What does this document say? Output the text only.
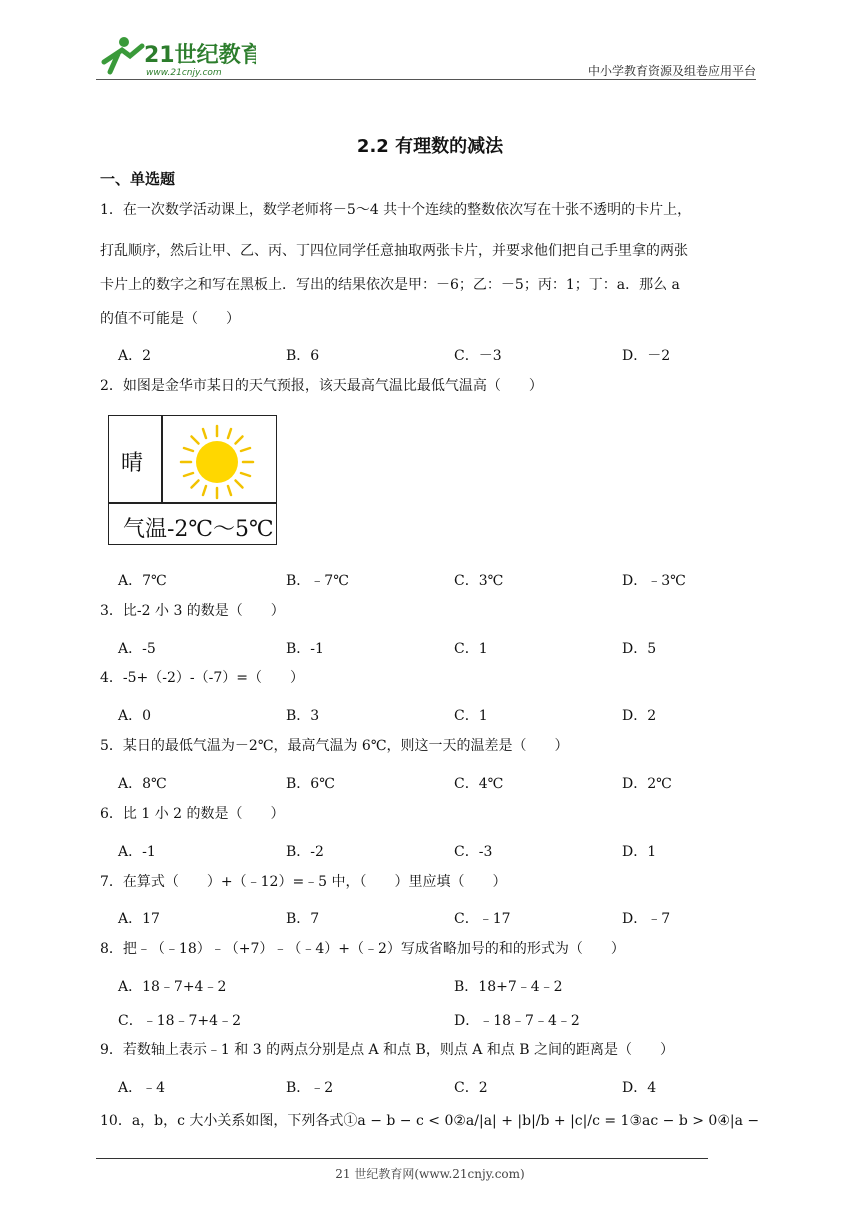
21世纪教育
www.21cnjy.com	中小学教育资源及组卷应用平台
2.2 有理数的减法
一、单选题
1．在一次数学活动课上，数学老师将－5～4 共十个连续的整数依次写在十张不透明的卡片上，
打乱顺序，然后让甲、乙、丙、丁四位同学任意抽取两张卡片，并要求他们把自己手里拿的两张
卡片上的数字之和写在黑板上．写出的结果依次是甲：－6；乙：－5；丙：1；丁：a．那么 a
的值不可能是（　　）
A．2	B．6	C．－3	D．－2
2．如图是金华市某日的天气预报，该天最高气温比最低气温高（　　）
晴
气温-2℃～5℃
A．7℃	B．﹣7℃	C．3℃	D．﹣3℃
3．比-2 小 3 的数是（　　）
A．-5	B．-1	C．1	D．5
4．-5+（-2）-（-7）=（　　）
A．0	B．3	C．1	D．2
5．某日的最低气温为－2℃，最高气温为 6℃，则这一天的温差是（　　）
A．8℃	B．6℃	C．4℃	D．2℃
6．比 1 小 2 的数是（　　）
A．-1	B．-2	C．-3	D．1
7．在算式（　　）+（﹣12）=﹣5 中，（　　）里应填（　　）
A．17	B．7	C．﹣17	D．﹣7
8．把﹣（﹣18）﹣（+7）﹣（﹣4）+（﹣2）写成省略加号的和的形式为（　　）
A．18﹣7+4﹣2	B．18+7﹣4﹣2
C．﹣18﹣7+4﹣2	D．﹣18﹣7﹣4﹣2
9．若数轴上表示﹣1 和 3 的两点分别是点 A 和点 B，则点 A 和点 B 之间的距离是（　　）
A．﹣4	B．﹣2	C．2	D．4
10．a，b，c 大小关系如图，下列各式①a − b − c < 0②a/|a| + |b|/b + |c|/c = 1③ac − b > 0④|a −
21 世纪教育网(www.21cnjy.com)
